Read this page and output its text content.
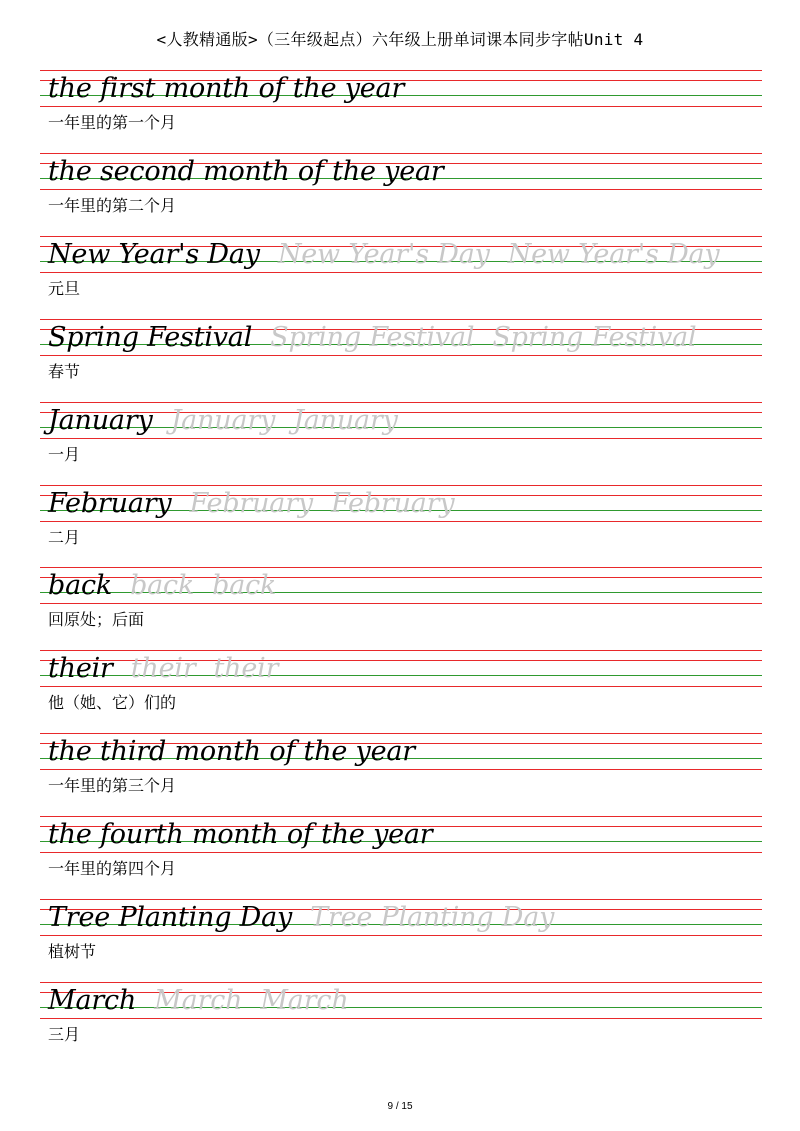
<人教精通版>（三年级起点）六年级上册单词课本同步字帖Unit 4
the first month of the year
一年里的第一个月
the second month of the year
一年里的第二个月
New Year's Day New Year's Day New Year's Day
元旦
Spring Festival Spring Festival Spring Festival
春节
January January January
一月
February February February
二月
back back back
回原处；后面
their their their
他（她、它）们的
the third month of the year
一年里的第三个月
the fourth month of the year
一年里的第四个月
Tree Planting Day Tree Planting Day
植树节
March March March
三月
9 / 15
